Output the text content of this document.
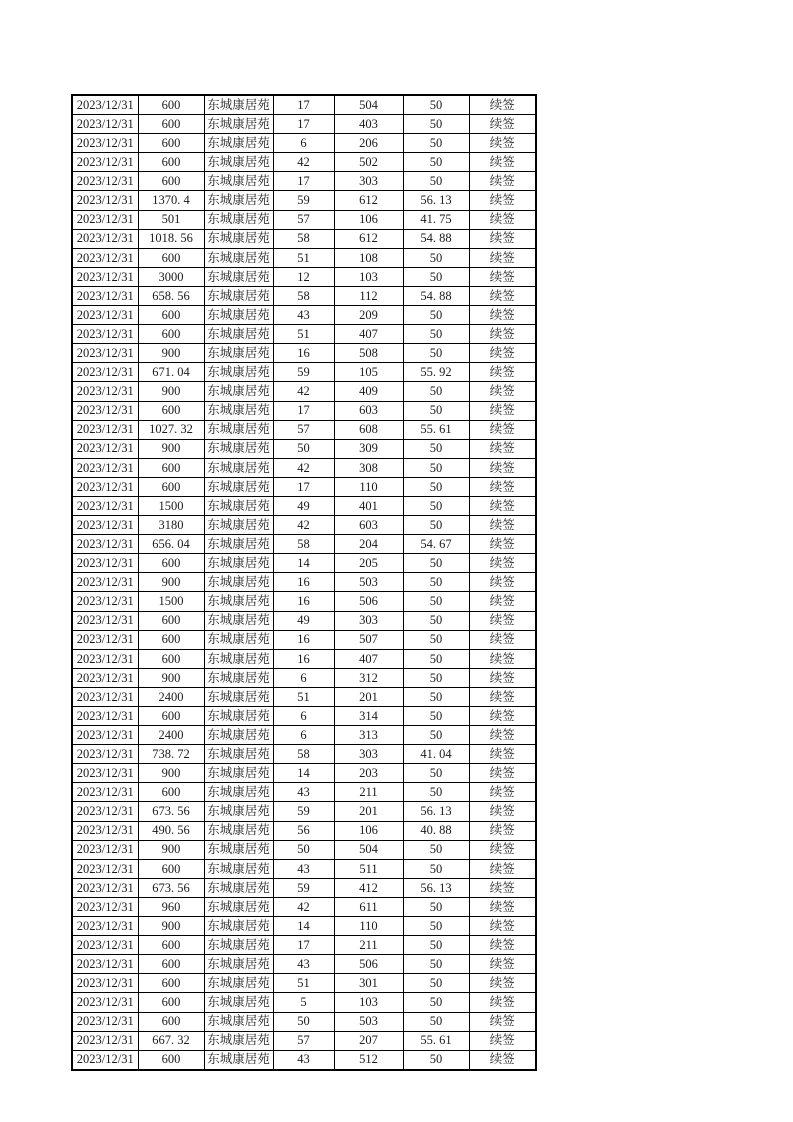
2023/12/31	600	东城康居苑	17	504	50	续签
2023/12/31	600	东城康居苑	17	403	50	续签
2023/12/31	600	东城康居苑	6	206	50	续签
2023/12/31	600	东城康居苑	42	502	50	续签
2023/12/31	600	东城康居苑	17	303	50	续签
2023/12/31	1370. 4	东城康居苑	59	612	56. 13	续签
2023/12/31	501	东城康居苑	57	106	41. 75	续签
2023/12/31	1018. 56	东城康居苑	58	612	54. 88	续签
2023/12/31	600	东城康居苑	51	108	50	续签
2023/12/31	3000	东城康居苑	12	103	50	续签
2023/12/31	658. 56	东城康居苑	58	112	54. 88	续签
2023/12/31	600	东城康居苑	43	209	50	续签
2023/12/31	600	东城康居苑	51	407	50	续签
2023/12/31	900	东城康居苑	16	508	50	续签
2023/12/31	671. 04	东城康居苑	59	105	55. 92	续签
2023/12/31	900	东城康居苑	42	409	50	续签
2023/12/31	600	东城康居苑	17	603	50	续签
2023/12/31	1027. 32	东城康居苑	57	608	55. 61	续签
2023/12/31	900	东城康居苑	50	309	50	续签
2023/12/31	600	东城康居苑	42	308	50	续签
2023/12/31	600	东城康居苑	17	110	50	续签
2023/12/31	1500	东城康居苑	49	401	50	续签
2023/12/31	3180	东城康居苑	42	603	50	续签
2023/12/31	656. 04	东城康居苑	58	204	54. 67	续签
2023/12/31	600	东城康居苑	14	205	50	续签
2023/12/31	900	东城康居苑	16	503	50	续签
2023/12/31	1500	东城康居苑	16	506	50	续签
2023/12/31	600	东城康居苑	49	303	50	续签
2023/12/31	600	东城康居苑	16	507	50	续签
2023/12/31	600	东城康居苑	16	407	50	续签
2023/12/31	900	东城康居苑	6	312	50	续签
2023/12/31	2400	东城康居苑	51	201	50	续签
2023/12/31	600	东城康居苑	6	314	50	续签
2023/12/31	2400	东城康居苑	6	313	50	续签
2023/12/31	738. 72	东城康居苑	58	303	41. 04	续签
2023/12/31	900	东城康居苑	14	203	50	续签
2023/12/31	600	东城康居苑	43	211	50	续签
2023/12/31	673. 56	东城康居苑	59	201	56. 13	续签
2023/12/31	490. 56	东城康居苑	56	106	40. 88	续签
2023/12/31	900	东城康居苑	50	504	50	续签
2023/12/31	600	东城康居苑	43	511	50	续签
2023/12/31	673. 56	东城康居苑	59	412	56. 13	续签
2023/12/31	960	东城康居苑	42	611	50	续签
2023/12/31	900	东城康居苑	14	110	50	续签
2023/12/31	600	东城康居苑	17	211	50	续签
2023/12/31	600	东城康居苑	43	506	50	续签
2023/12/31	600	东城康居苑	51	301	50	续签
2023/12/31	600	东城康居苑	5	103	50	续签
2023/12/31	600	东城康居苑	50	503	50	续签
2023/12/31	667. 32	东城康居苑	57	207	55. 61	续签
2023/12/31	600	东城康居苑	43	512	50	续签
